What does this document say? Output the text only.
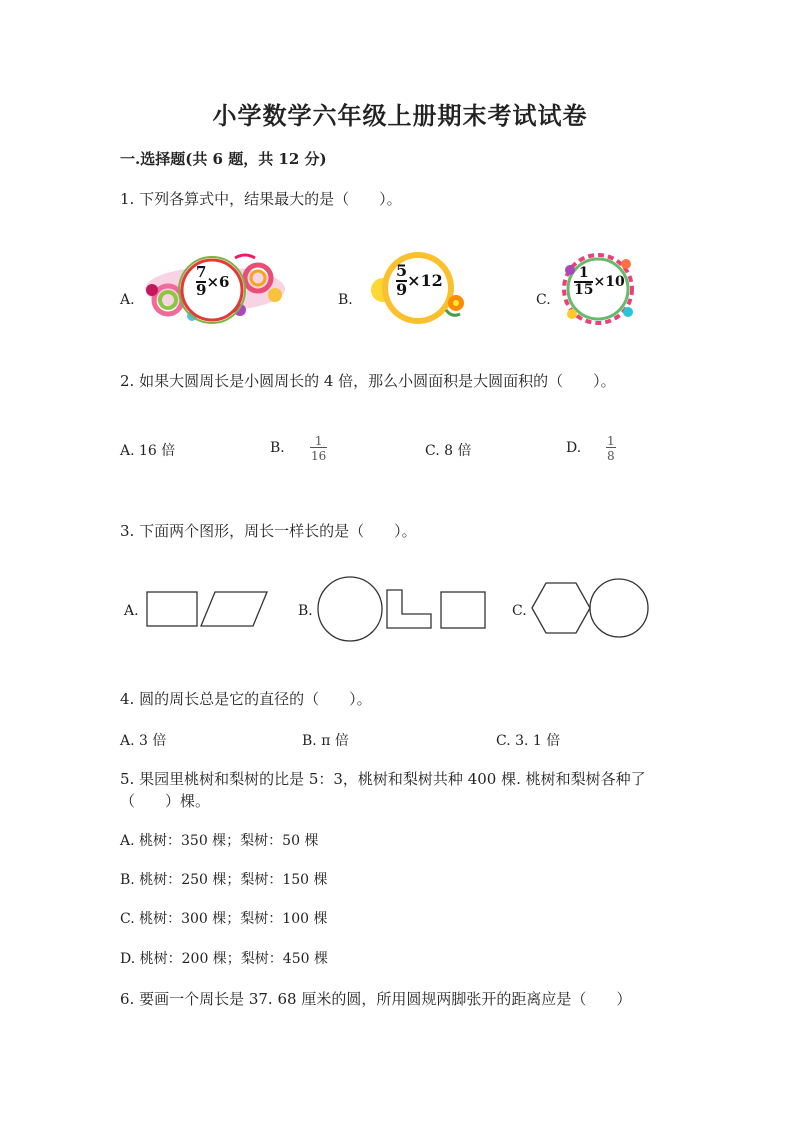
小学数学六年级上册期末考试试卷
一.选择题(共 6 题，共 12 分)
1. 下列各算式中，结果最大的是（　　）。
A.
$\frac{7}{9} \times 6$
B.
$\frac{5}{9} \times 12$
C.
$\frac{1}{15} \times 10$
2. 如果大圆周长是小圆周长的 4 倍，那么小圆面积是大圆面积的（　　）。
A. 16 倍	B. $\frac{1}{16}$	C. 8 倍	D. $\frac{1}{8}$
3. 下面两个图形，周长一样长的是（　　）。
A.	B.	C.
4. 圆的周长总是它的直径的（　　）。
A. 3 倍	B. π 倍	C. 3. 1 倍
5. 果园里桃树和梨树的比是 5：3，桃树和梨树共种 400 棵. 桃树和梨树各种了
（　　）棵。
A. 桃树：350 棵；梨树：50 棵
B. 桃树：250 棵；梨树：150 棵
C. 桃树：300 棵；梨树：100 棵
D. 桃树：200 棵；梨树：450 棵
6. 要画一个周长是 37. 68 厘米的圆，所用圆规两脚张开的距离应是（　　）
